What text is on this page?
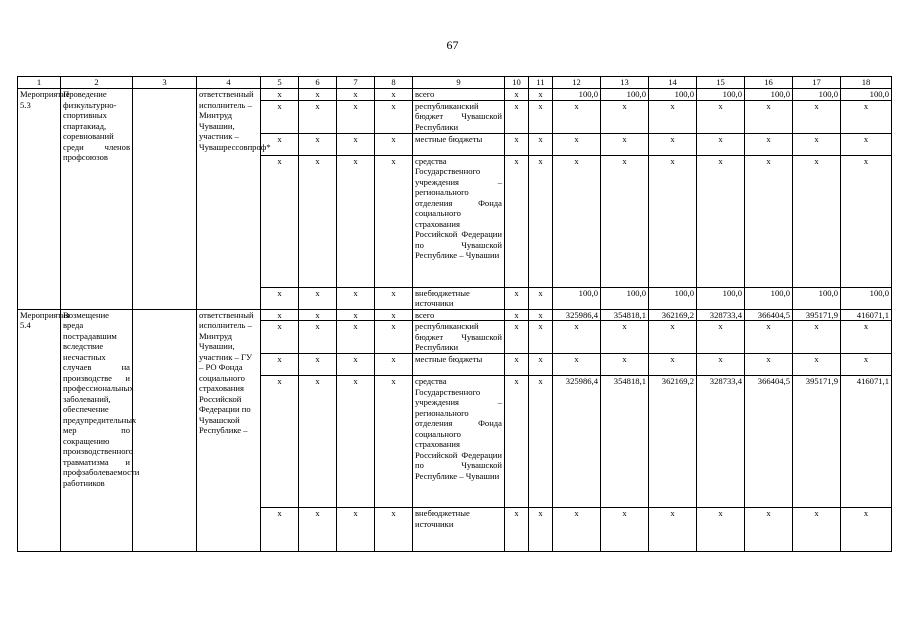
67
1	2	3	4	5	6	7	8	9	10	11	12	13	14	15	16	17	18
Мероприятие 5.3	Проведение физкультурно-спортивных спартакиад, соревнований среди членов профсоюзов		ответственный исполнитель – Минтруд Чувашии, участник – Чувашрессовпроф*	х	х	х	х	всего	х	х	100,0	100,0	100,0	100,0	100,0	100,0	100,0
				х	х	х	х	республиканский бюджет Чувашской Республики	х	х	х	х	х	х	х	х	х
				х	х	х	х	местные бюджеты	х	х	х	х	х	х	х	х	х
				х	х	х	х	средства Государственного учреждения – регионального отделения Фонда социального страхования Российской Федерации по Чувашской Республике – Чувашии	х	х	х	х	х	х	х	х	х
				х	х	х	х	внебюджетные источники	х	х	100,0	100,0	100,0	100,0	100,0	100,0	100,0
Мероприятия 5.4	Возмещение вреда пострадавшим вследствие несчастных случаев на производстве и профессиональных заболеваний, обеспечение предупредительных мер по сокращению производственного травматизма и профзаболеваемости работников		ответственный исполнитель – Минтруд Чувашии, участник – ГУ – РО Фонда социального страхования Российской Федерации по Чувашской Республике –	х	х	х	х	всего	х	х	325986,4	354818,1	362169,2	328733,4	366404,5	395171,9	416071,1
				х	х	х	х	республиканский бюджет Чувашской Республики	х	х	х	х	х	х	х	х	х
				х	х	х	х	местные бюджеты	х	х	х	х	х	х	х	х	х
				х	х	х	х	средства Государственного учреждения – регионального отделения Фонда социального страхования Российской Федерации по Чувашской Республике – Чувашии	х	х	325986,4	354818,1	362169,2	328733,4	366404,5	395171,9	416071,1
				х	х	х	х	внебюджетные источники	х	х	х	х	х	х	х	х	х
